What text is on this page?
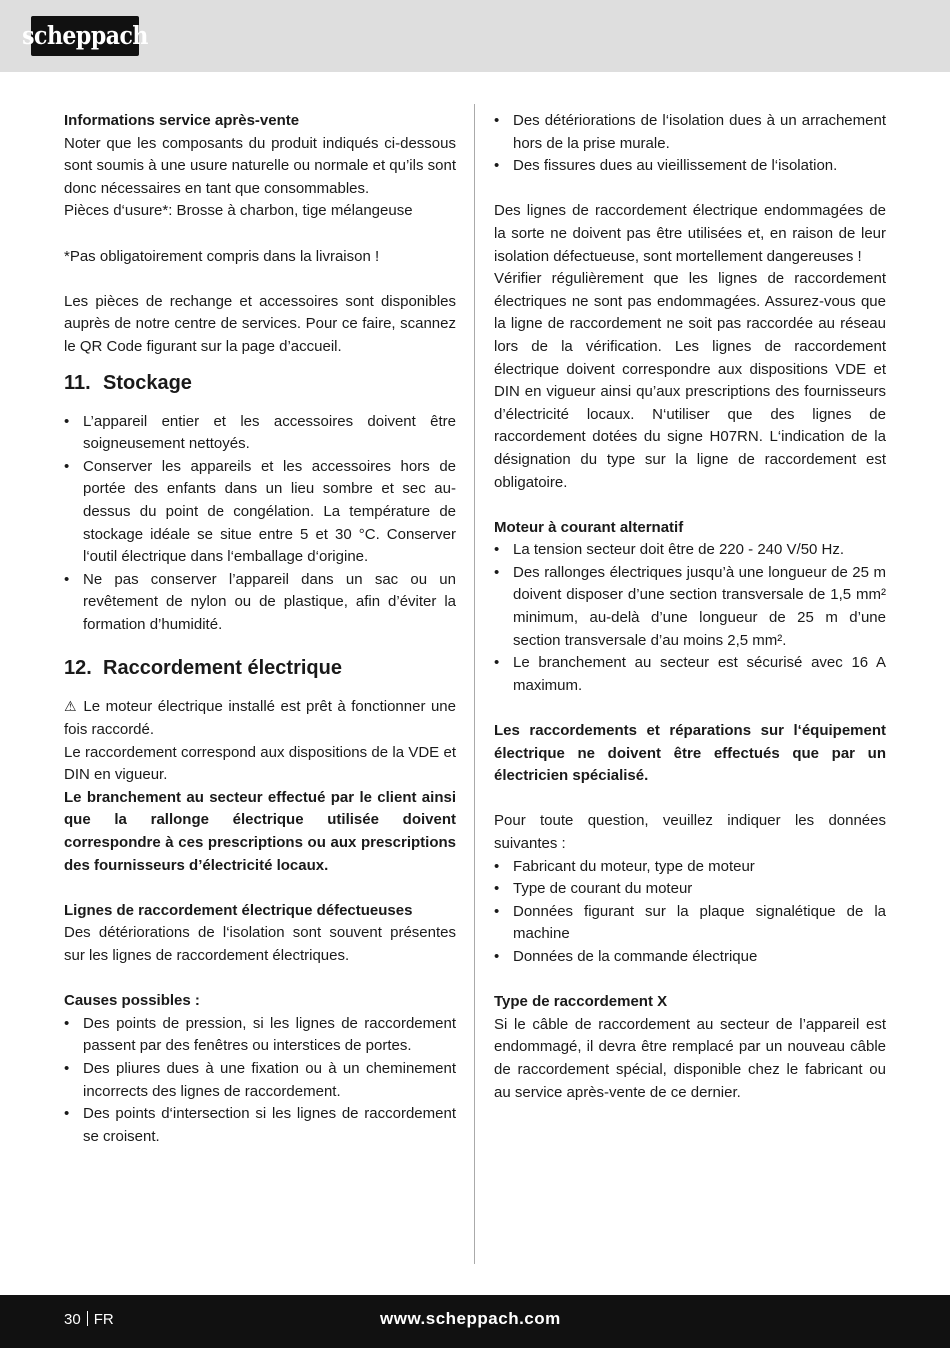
scheppach

Informations service après-vente

Noter que les composants du produit indiqués ci-dessous sont soumis à une usure naturelle ou normale et qu’ils sont donc nécessaires en tant que consommables.

Pièces d‘usure*: Brosse à charbon, tige mélangeuse

*Pas obligatoirement compris dans la livraison !

Les pièces de rechange et accessoires sont disponibles auprès de notre centre de services. Pour ce faire, scannez le QR Code figurant sur la page d’accueil.

11. Stockage
• L’appareil entier et les accessoires doivent être soigneusement nettoyés.
• Conserver les appareils et les accessoires hors de portée des enfants dans un lieu sombre et sec au-dessus du point de congélation. La température de stockage idéale se situe entre 5 et 30 °C. Conserver l‘outil électrique dans l‘emballage d‘origine.
• Ne pas conserver l’appareil dans un sac ou un revêtement de nylon ou de plastique, afin d’éviter la formation d’humidité.
12. Raccordement électrique

⚠ Le moteur électrique installé est prêt à fonctionner une fois raccordé.

Le raccordement correspond aux dispositions de la VDE et DIN en vigueur.

Le branchement au secteur effectué par le client ainsi que la rallonge électrique utilisée doivent correspondre à ces prescriptions ou aux prescriptions des fournisseurs d’électricité locaux.

Lignes de raccordement électrique défectueuses

Des détériorations de l‘isolation sont souvent présentes sur les lignes de raccordement électriques.

Causes possibles :

• Des points de pression, si les lignes de raccordement passent par des fenêtres ou interstices de portes.
• Des pliures dues à une fixation ou à un cheminement incorrects des lignes de raccordement.
• Des points d‘intersection si les lignes de raccordement se croisent.
• Des détériorations de l‘isolation dues à un arrachement hors de la prise murale.
• Des fissures dues au vieillissement de l‘isolation.

Des lignes de raccordement électrique endommagées de la sorte ne doivent pas être utilisées et, en raison de leur isolation défectueuse, sont mortellement dangereuses !

Vérifier régulièrement que les lignes de raccordement électriques ne sont pas endommagées. Assurez-vous que la ligne de raccordement ne soit pas raccordée au réseau lors de la vérification. Les lignes de raccordement électrique doivent correspondre aux dispositions VDE et DIN en vigueur ainsi qu’aux prescriptions des fournisseurs d’électricité locaux. N‘utiliser que des lignes de raccordement dotées du signe H07RN. L‘indication de la désignation du type sur la ligne de raccordement est obligatoire.

Moteur à courant alternatif

• La tension secteur doit être de 220 - 240 V/50 Hz.
• Des rallonges électriques jusqu’à une longueur de 25 m doivent disposer d’une section transversale de 1,5 mm² minimum, au-delà d’une longueur de 25 m d’une section transversale d’au moins 2,5 mm².
• Le branchement au secteur est sécurisé avec 16 A maximum.

Les raccordements et réparations sur l‘équipement électrique ne doivent être effectués que par un électricien spécialisé.

Pour toute question, veuillez indiquer les données suivantes :

• Fabricant du moteur, type de moteur
• Type de courant du moteur
• Données figurant sur la plaque signalétique de la machine
• Données de la commande électrique

Type de raccordement X

Si le câble de raccordement au secteur de l’appareil est endommagé, il devra être remplacé par un nouveau câble de raccordement spécial, disponible chez le fabricant ou au service après-vente de ce dernier.

30 FR	www.scheppach.com
